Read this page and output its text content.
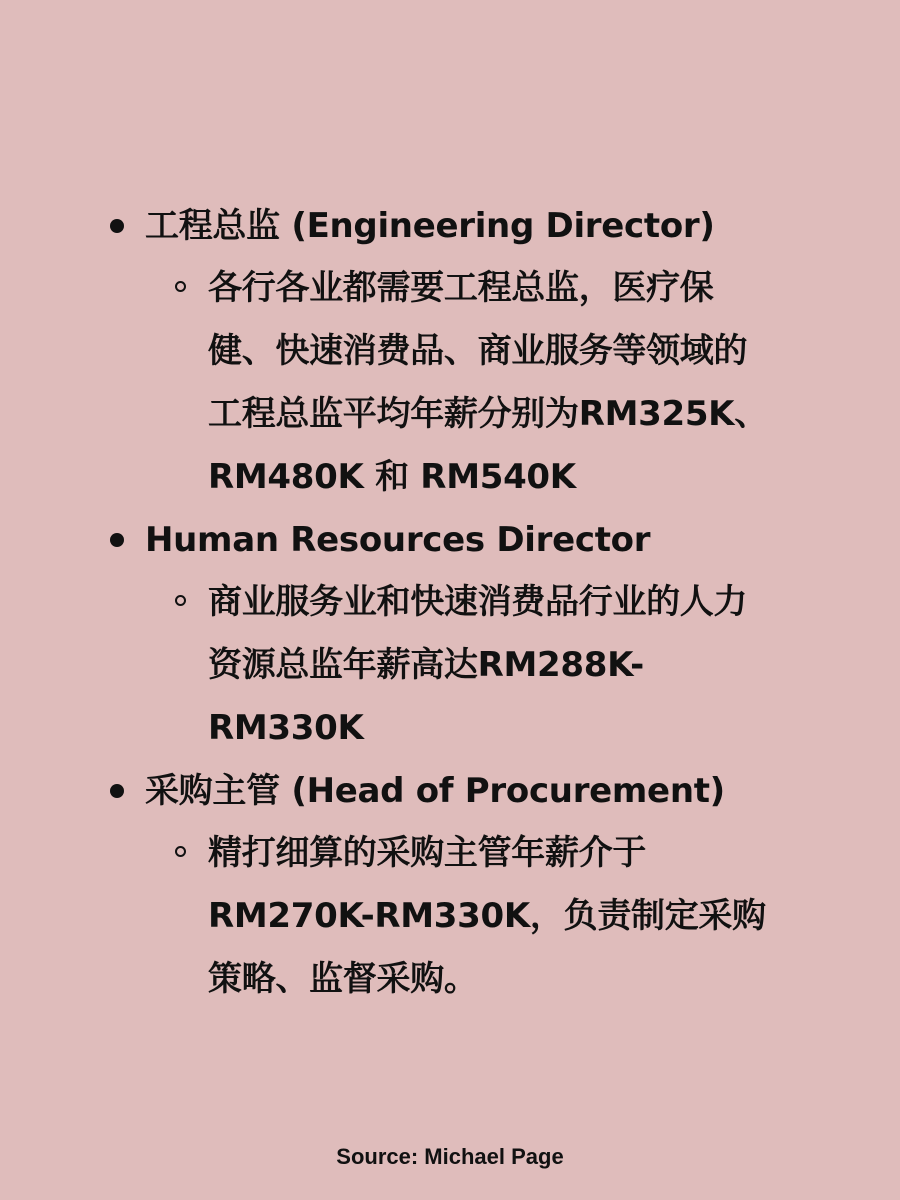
工程总监 (Engineering Director)
各行各业都需要工程总监，医疗保
健、快速消费品、商业服务等领域的
工程总监平均年薪分别为RM325K、
RM480K 和 RM540K
Human Resources Director
商业服务业和快速消费品行业的人力
资源总监年薪高达RM288K-
RM330K
采购主管 (Head of Procurement)
精打细算的采购主管年薪介于
RM270K-RM330K，负责制定采购
策略、监督采购。
Source: Michael Page
